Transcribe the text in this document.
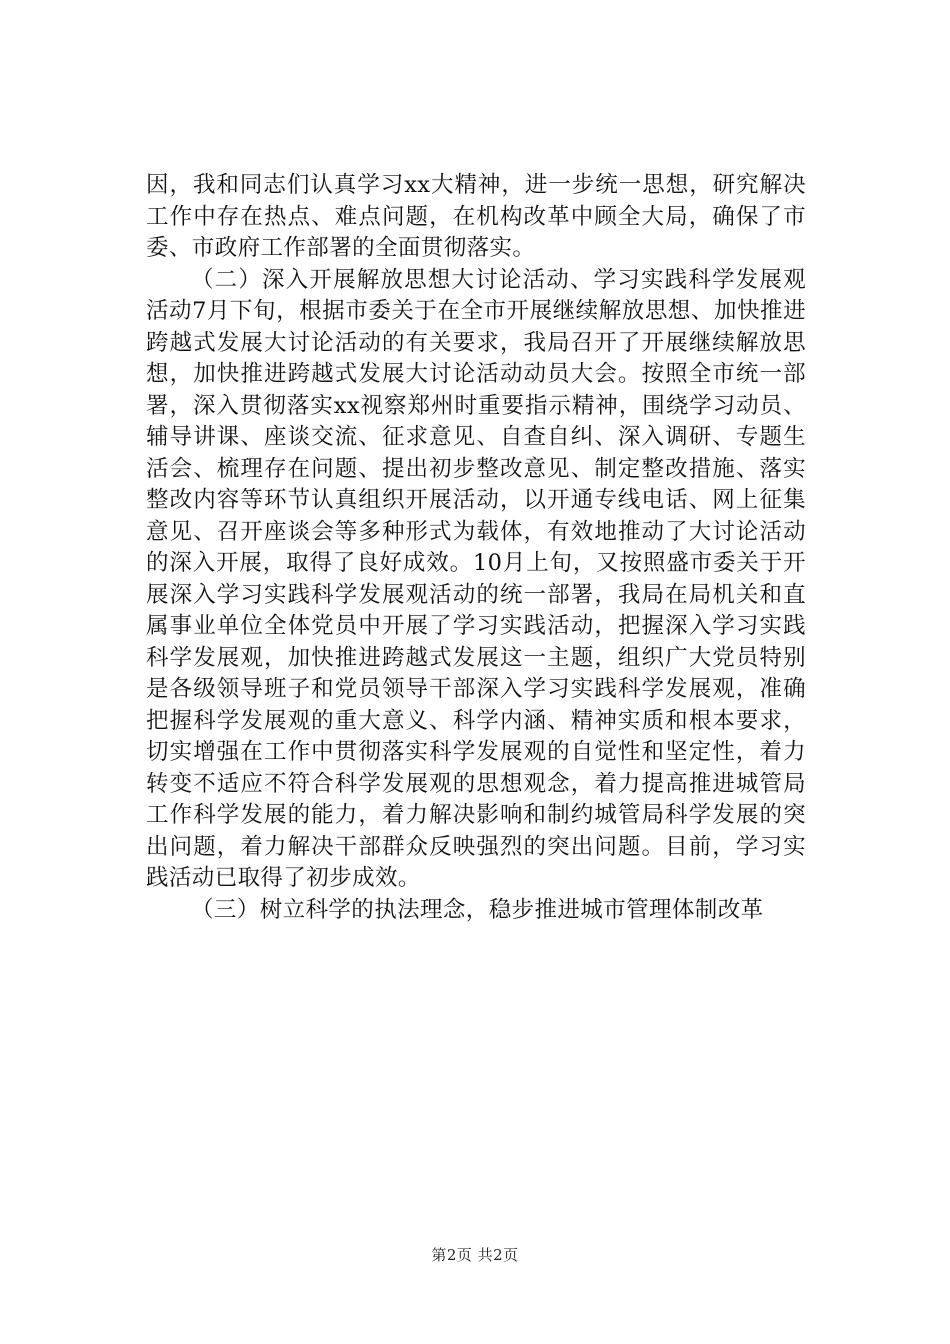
因，我和同志们认真学习xx大精神，进一步统一思想，研究解决工作中存在热点、难点问题，在机构改革中顾全大局，确保了市委、市政府工作部署的全面贯彻落实。

（二）深入开展解放思想大讨论活动、学习实践科学发展观活动7月下旬，根据市委关于在全市开展继续解放思想、加快推进跨越式发展大讨论活动的有关要求，我局召开了开展继续解放思想，加快推进跨越式发展大讨论活动动员大会。按照全市统一部署，深入贯彻落实xx视察郑州时重要指示精神，围绕学习动员、辅导讲课、座谈交流、征求意见、自查自纠、深入调研、专题生活会、梳理存在问题、提出初步整改意见、制定整改措施、落实整改内容等环节认真组织开展活动，以开通专线电话、网上征集意见、召开座谈会等多种形式为载体，有效地推动了大讨论活动的深入开展，取得了良好成效。10月上旬，又按照盛市委关于开展深入学习实践科学发展观活动的统一部署，我局在局机关和直属事业单位全体党员中开展了学习实践活动，把握深入学习实践科学发展观，加快推进跨越式发展这一主题，组织广大党员特别是各级领导班子和党员领导干部深入学习实践科学发展观，准确把握科学发展观的重大意义、科学内涵、精神实质和根本要求，切实增强在工作中贯彻落实科学发展观的自觉性和坚定性，着力转变不适应不符合科学发展观的思想观念，着力提高推进城管局工作科学发展的能力，着力解决影响和制约城管局科学发展的突出问题，着力解决干部群众反映强烈的突出问题。目前，学习实践活动已取得了初步成效。

（三）树立科学的执法理念，稳步推进城市管理体制改革

第2页 共2页
